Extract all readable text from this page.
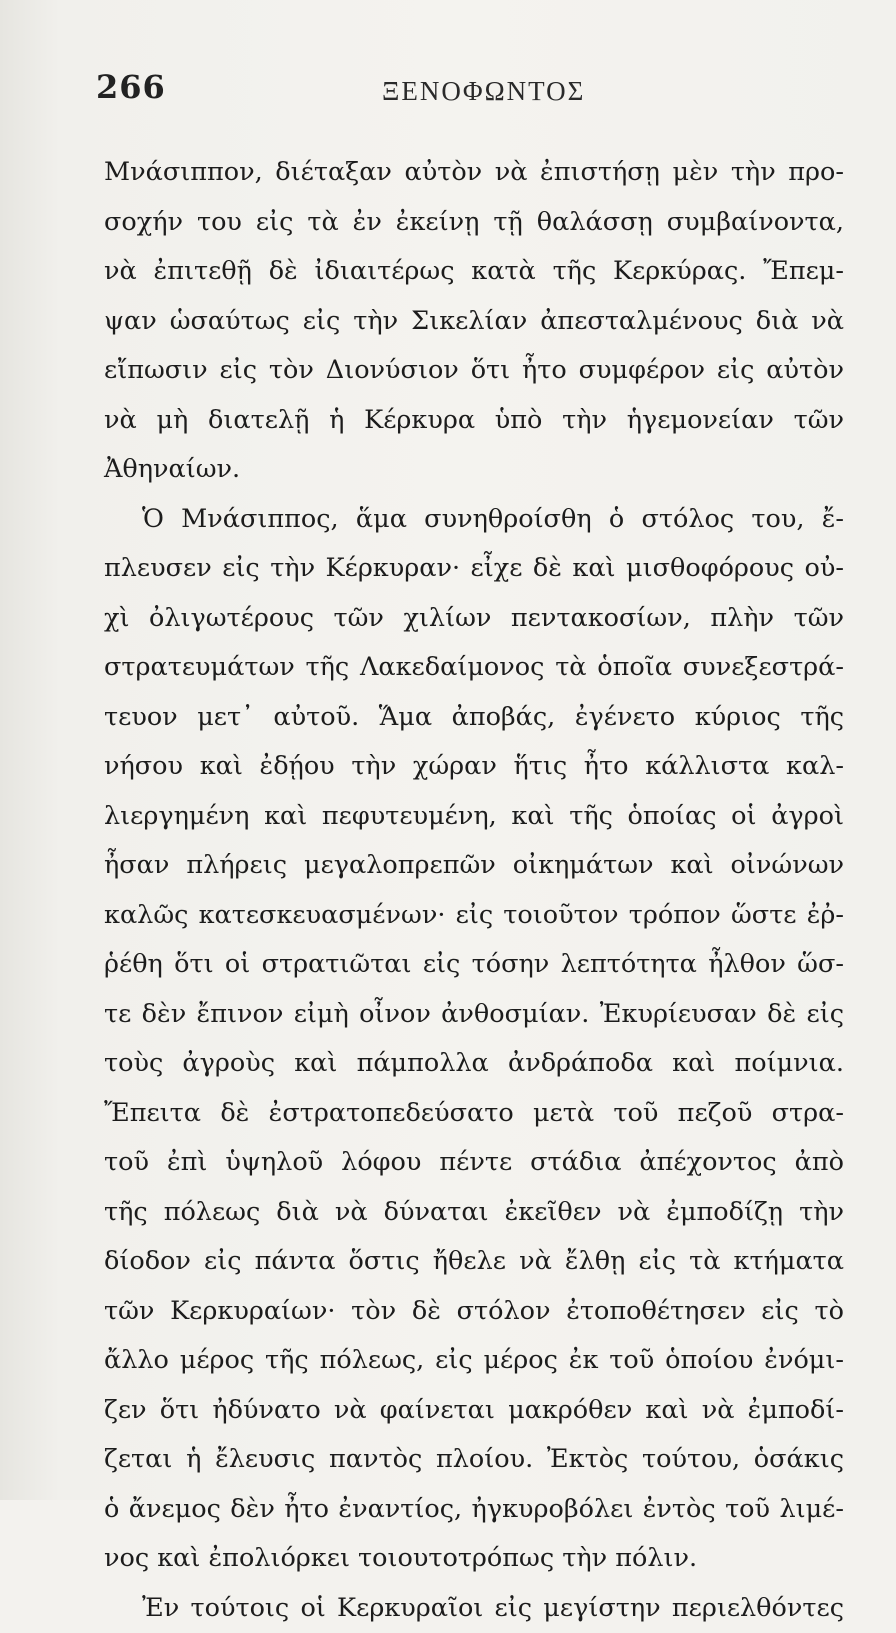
266	ΞΕΝΟΦΩΝΤΟΣ
Μνάσιππον, διέταξαν αὐτὸν νὰ ἐπιστήσῃ μὲν τὴν προ-
σοχήν του εἰς τὰ ἐν ἐκείνῃ τῇ θαλάσσῃ συμβαίνοντα,
νὰ ἐπιτεθῇ δὲ ἰδιαιτέρως κατὰ τῆς Κερκύρας. Ἔπεμ-
ψαν ὡσαύτως εἰς τὴν Σικελίαν ἀπεσταλμένους διὰ νὰ
εἴπωσιν εἰς τὸν Διονύσιον ὅτι ἦτο συμφέρον εἰς αὐτὸν
νὰ μὴ διατελῇ ἡ Κέρκυρα ὑπὸ τὴν ἡγεμονείαν τῶν
Ἀθηναίων.
Ὁ Μνάσιππος, ἅμα συνηθροίσθη ὁ στόλος του, ἔ-
πλευσεν εἰς τὴν Κέρκυραν· εἶχε δὲ καὶ μισθοφόρους οὐ-
χὶ ὀλιγωτέρους τῶν χιλίων πεντακοσίων, πλὴν τῶν
στρατευμάτων τῆς Λακεδαίμονος τὰ ὁποῖα συνεξεστρά-
τευον μετ᾽ αὐτοῦ. Ἅμα ἀποβάς, ἐγένετο κύριος τῆς
νήσου καὶ ἐδῄου τὴν χώραν ἥτις ἦτο κάλλιστα καλ-
λιεργημένη καὶ πεφυτευμένη, καὶ τῆς ὁποίας οἱ ἀγροὶ
ἦσαν πλήρεις μεγαλοπρεπῶν οἰκημάτων καὶ οἰνώνων
καλῶς κατεσκευασμένων· εἰς τοιοῦτον τρόπον ὥστε ἐῤ-
ῥέθη ὅτι οἱ στρατιῶται εἰς τόσην λεπτότητα ἦλθον ὥσ-
τε δὲν ἔπινον εἰμὴ οἶνον ἀνθοσμίαν. Ἐκυρίευσαν δὲ εἰς
τοὺς ἀγροὺς καὶ πάμπολλα ἀνδράποδα καὶ ποίμνια.
Ἔπειτα δὲ ἐστρατοπεδεύσατο μετὰ τοῦ πεζοῦ στρα-
τοῦ ἐπὶ ὑψηλοῦ λόφου πέντε στάδια ἀπέχοντος ἀπὸ
τῆς πόλεως διὰ νὰ δύναται ἐκεῖθεν νὰ ἐμποδίζῃ τὴν
δίοδον εἰς πάντα ὅστις ἤθελε νὰ ἔλθῃ εἰς τὰ κτήματα
τῶν Κερκυραίων· τὸν δὲ στόλον ἐτοποθέτησεν εἰς τὸ
ἄλλο μέρος τῆς πόλεως, εἰς μέρος ἐκ τοῦ ὁποίου ἐνόμι-
ζεν ὅτι ἠδύνατο νὰ φαίνεται μακρόθεν καὶ νὰ ἐμποδί-
ζεται ἡ ἔλευσις παντὸς πλοίου. Ἐκτὸς τούτου, ὁσάκις
ὁ ἄνεμος δὲν ἦτο ἐναντίος, ἠγκυροβόλει ἐντὸς τοῦ λιμέ-
νος καὶ ἐπολιόρκει τοιουτοτρόπως τὴν πόλιν.
Ἐν τούτοις οἱ Κερκυραῖοι εἰς μεγίστην περιελθόντες
